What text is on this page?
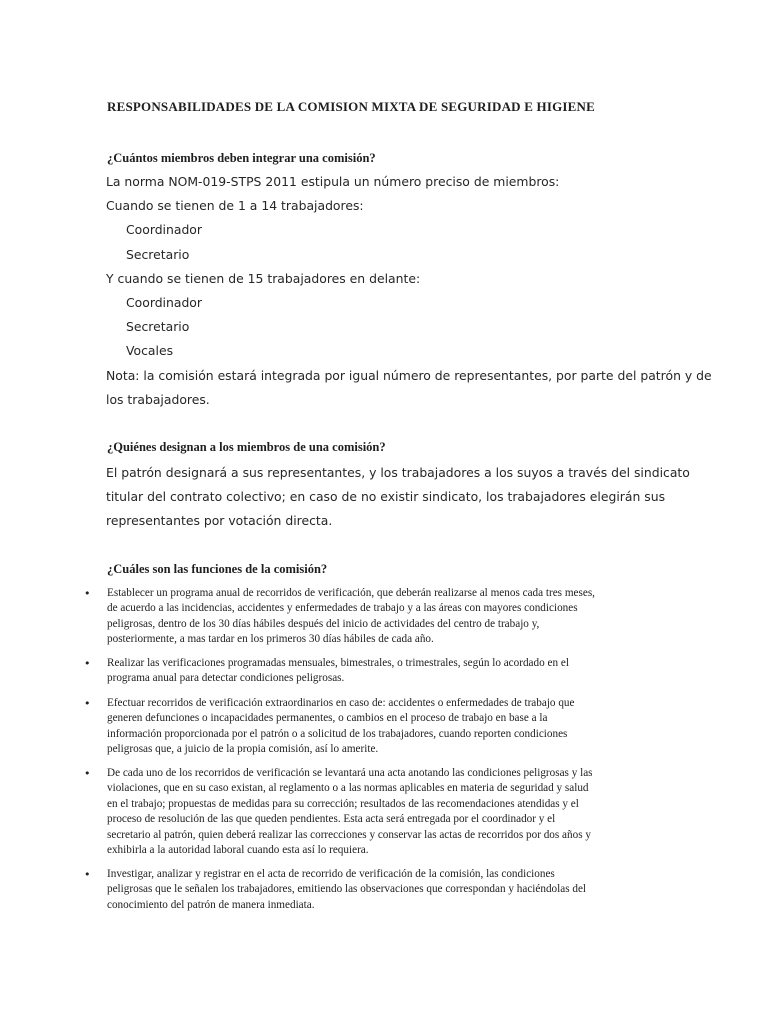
RESPONSABILIDADES DE LA COMISION MIXTA DE SEGURIDAD E HIGIENE
¿Cuántos miembros deben integrar una comisión?
La norma NOM-019-STPS 2011 estipula un número preciso de miembros:
Cuando se tienen de 1 a 14 trabajadores:
Coordinador
Secretario
Y cuando se tienen de 15 trabajadores en delante:
Coordinador
Secretario
Vocales
Nota: la comisión estará integrada por igual número de representantes, por parte del patrón y de
los trabajadores.
¿Quiénes designan a los miembros de una comisión?
El patrón designará a sus representantes, y los trabajadores a los suyos a través del sindicato
titular del contrato colectivo; en caso de no existir sindicato, los trabajadores elegirán sus
representantes por votación directa.
¿Cuáles son las funciones de la comisión?
• Establecer un programa anual de recorridos de verificación, que deberán realizarse al menos cada tres meses,
de acuerdo a las incidencias, accidentes y enfermedades de trabajo y a las áreas con mayores condiciones
peligrosas, dentro de los 30 días hábiles después del inicio de actividades del centro de trabajo y,
posteriormente, a mas tardar en los primeros 30 días hábiles de cada año.
• Realizar las verificaciones programadas mensuales, bimestrales, o trimestrales, según lo acordado en el
programa anual para detectar condiciones peligrosas.
• Efectuar recorridos de verificación extraordinarios en caso de: accidentes o enfermedades de trabajo que
generen defunciones o incapacidades permanentes, o cambios en el proceso de trabajo en base a la
información proporcionada por el patrón o a solicitud de los trabajadores, cuando reporten condiciones
peligrosas que, a juicio de la propia comisión, así lo amerite.
• De cada uno de los recorridos de verificación se levantará una acta anotando las condiciones peligrosas y las
violaciones, que en su caso existan, al reglamento o a las normas aplicables en materia de seguridad y salud
en el trabajo; propuestas de medidas para su corrección; resultados de las recomendaciones atendidas y el
proceso de resolución de las que queden pendientes. Esta acta será entregada por el coordinador y el
secretario al patrón, quien deberá realizar las correcciones y conservar las actas de recorridos por dos años y
exhibirla a la autoridad laboral cuando esta así lo requiera.
• Investigar, analizar y registrar en el acta de recorrido de verificación de la comisión, las condiciones
peligrosas que le señalen los trabajadores, emitiendo las observaciones que correspondan y haciéndolas del
conocimiento del patrón de manera inmediata.
